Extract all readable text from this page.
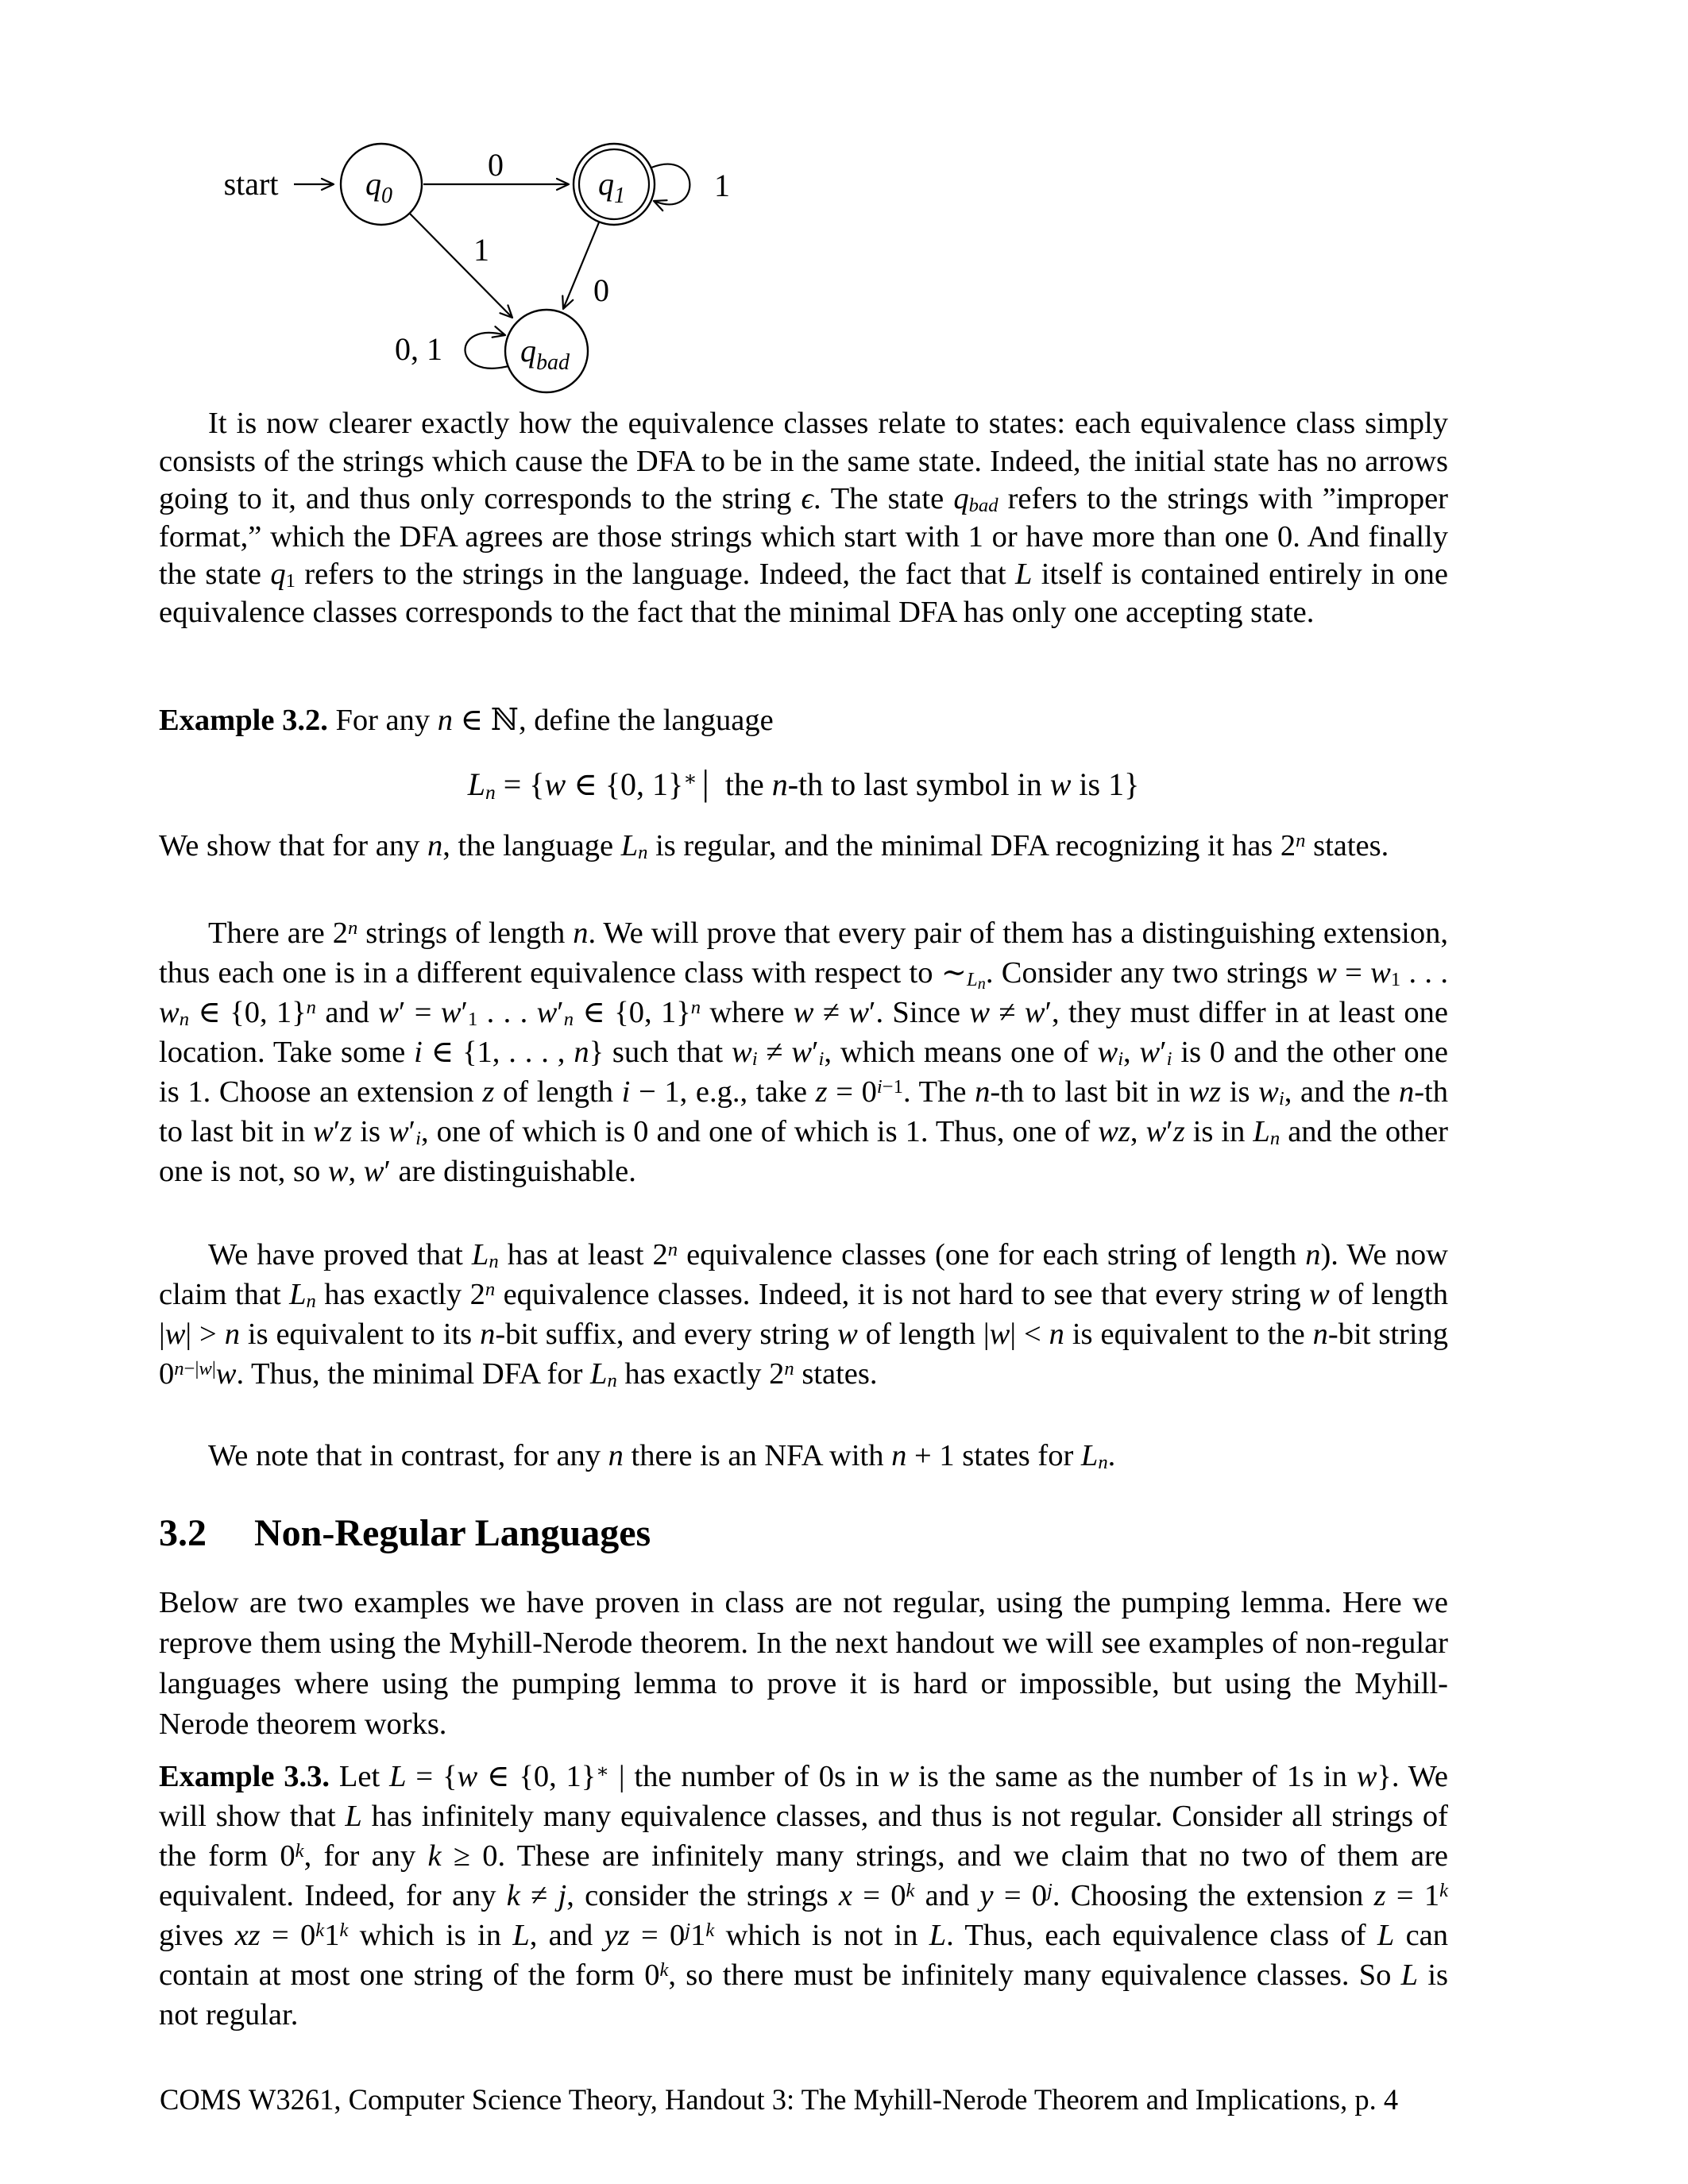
start	q0	q1
qbad
0
1
1
0
0, 1
It is now clearer exactly how the equivalence classes relate to states: each equivalence class simply consists of the strings which cause the DFA to be in the same state. Indeed, the initial state has no arrows going to it, and thus only corresponds to the string ϵ. The state $q_{bad}$ refers to the strings with ”improper format,” which the DFA agrees are those strings which start with 1 or have more than one 0. And finally the state $q_1$ refers to the strings in the language. Indeed, the fact that L itself is contained entirely in one equivalence classes corresponds to the fact that the minimal DFA has only one accepting state.
Example 3.2. For any n ∈ ℕ, define the language
$L_n = \{w$ ∈ {0, 1}∗ | the n-th to last symbol in w is 1}
We show that for any n, the language $L_n$ is regular, and the minimal DFA recognizing it has 2$^n$ states.
There are 2$^n$ strings of length n. We will prove that every pair of them has a distinguishing extension, thus each one is in a different equivalence class with respect to $\sim_{L_n}$. Consider any two strings $w = w_1$ . . . $w_n$ ∈ {0, 1}$^n$ and $w' = w'_1$ . . . $w'_n$ ∈ {0, 1}$^n$ where w ≠ w′. Since w ≠ w′, they must differ in at least one location. Take some i ∈ {1, . . . , n} such that $w_i \ne w'_i$, which means one of $w_i$, $w'_i$ is 0 and the other one is 1. Choose an extension z of length i − 1, e.g., take $z = 0^{i-1}$. The n-th to last bit in wz is $w_i$, and the n-th to last bit in w′z is $w'_i$, one of which is 0 and one of which is 1. Thus, one of wz, w′z is in $L_n$ and the other one is not, so w, w′ are distinguishable.
We have proved that $L_n$ has at least 2$^n$ equivalence classes (one for each string of length n). We now claim that $L_n$ has exactly 2$^n$ equivalence classes. Indeed, it is not hard to see that every string w of length |w| > n is equivalent to its n-bit suffix, and every string w of length |w| < n is equivalent to the n-bit string $0^{n-|w|}w$. Thus, the minimal DFA for $L_n$ has exactly 2$^n$ states.
We note that in contrast, for any n there is an NFA with n + 1 states for $L_n$.
3.2 Non-Regular Languages
Below are two examples we have proven in class are not regular, using the pumping lemma. Here we reprove them using the Myhill-Nerode theorem. In the next handout we will see examples of non-regular languages where using the pumping lemma to prove it is hard or impossible, but using the Myhill-Nerode theorem works.
Example 3.3. Let L = {w ∈ {0, 1}∗ | the number of 0s in w is the same as the number of 1s in w}. We will show that L has infinitely many equivalence classes, and thus is not regular. Consider all strings of the form 0$^k$, for any k ≥ 0. These are infinitely many strings, and we claim that no two of them are equivalent. Indeed, for any k ≠ j, consider the strings $x = 0^k$ and $y = 0^j$. Choosing the extension $z = 1^k$ gives xz = $0^k1^k$ which is in L, and yz = $0^j1^k$ which is not in L. Thus, each equivalence class of L can contain at most one string of the form 0$^k$, so there must be infinitely many equivalence classes. So L is not regular.
COMS W3261, Computer Science Theory, Handout 3: The Myhill-Nerode Theorem and Implications, p. 4
